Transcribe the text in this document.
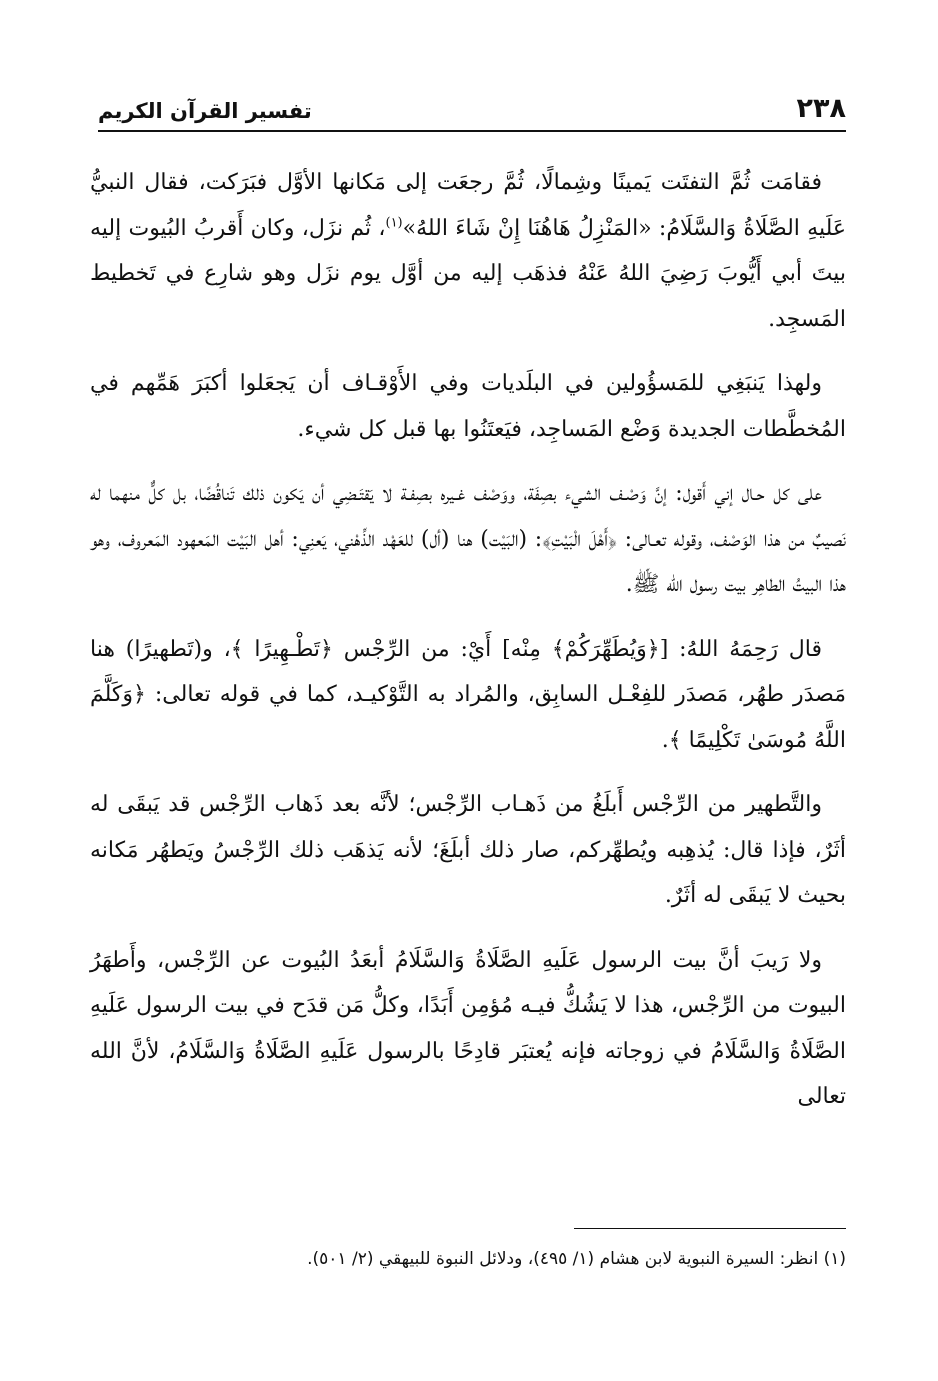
٢٣٨
تفسير القرآن الكريم

فقامَت ثُمَّ التفتَت يَمينًا وشِمالًا، ثُمَّ رجعَت إلى مَكانها الأوَّل فبَرَكت، فقال النبيُّ عَلَيهِ الصَّلَاةُ وَالسَّلَامُ: «المَنْزِلُ هَاهُنَا إِنْ شَاءَ اللهُ»$^{(١)}$، ثُم نزَل، وكان أَقربُ البُيوت إليه بيتَ أبي أَيُّوبَ رَضِيَ اللهُ عَنْهُ فذهَب إليه من أوَّل يوم نزَل وهو شارِع في تَخطيط المَسجِد.

ولهذا يَنبَغِي للمَسؤُولين في البلَديات وفي الأَوْقـاف أن يَجعَلوا أكبَرَ هَمِّهم في المُخطَّطات الجديدة وَضْع المَساجِد، فيَعتَنُوا بها قبل كل شيء.

على كل حـال إني أَقول: إنَّ وَصْـف الشيء بصِفَة، ووَصْف غـيره بصِفـة لا يَقتَـضِي أن يَكون ذلك تَناقُضًا، بل كلٌّ منهما له نَصيبٌ من هذا الوَصْف، وقوله تعـالى: ﴿أَهْلَ الْبَيْتِ﴾: (البَيْت) هنا (أل) للعَهْد الذِّهْني، يَعنِي: أهل البَيْت المَعهود المَعروف، وهو هذا البيتُ الطاهِر بيت رسول الله ﷺ.

قال رَحِمَهُ اللهُ: [﴿وَيُطَهِّرَكُمْ﴾ مِنْه] أَيْ: من الرِّجْس ﴿تَطْـهِيرًا ﴾، و(تَطهيرًا) هنا مَصدَر طهُر، مَصدَر للفِعْـل السابِق، والمُراد به التَّوْكيـد، كما في قوله تعالى: ﴿وَكَلَّمَ اللَّهُ مُوسَىٰ تَكْلِيمًا ﴾.

والتَّطهير من الرِّجْس أَبلَغُ من ذَهـاب الرِّجْس؛ لأنَّه بعد ذَهاب الرِّجْس قد يَبقَى له أثَرٌ، فإذا قال: يُذهِبه ويُطهِّركم، صار ذلك أبلَغَ؛ لأنه يَذهَب ذلك الرِّجْسُ ويَطهُر مَكانه بحيث لا يَبقَى له أثَرٌ.

ولا رَيبَ أنَّ بيت الرسول عَلَيهِ الصَّلَاةُ وَالسَّلَامُ أبعَدُ البُيوت عن الرِّجْس، وأَطهَرُ البيوت من الرِّجْس، هذا لا يَشُكُّ فيـه مُؤمِن أَبَدًا، وكلُّ مَن قدَح في بيت الرسول عَلَيهِ الصَّلَاةُ وَالسَّلَامُ في زوجاته فإنه يُعتبَر قادِحًا بالرسول عَلَيهِ الصَّلَاةُ وَالسَّلَامُ، لأنَّ الله تعالى

(١) انظر: السيرة النبوية لابن هشام (١/ ٤٩٥)، ودلائل النبوة للبيهقي (٢/ ٥٠١).
